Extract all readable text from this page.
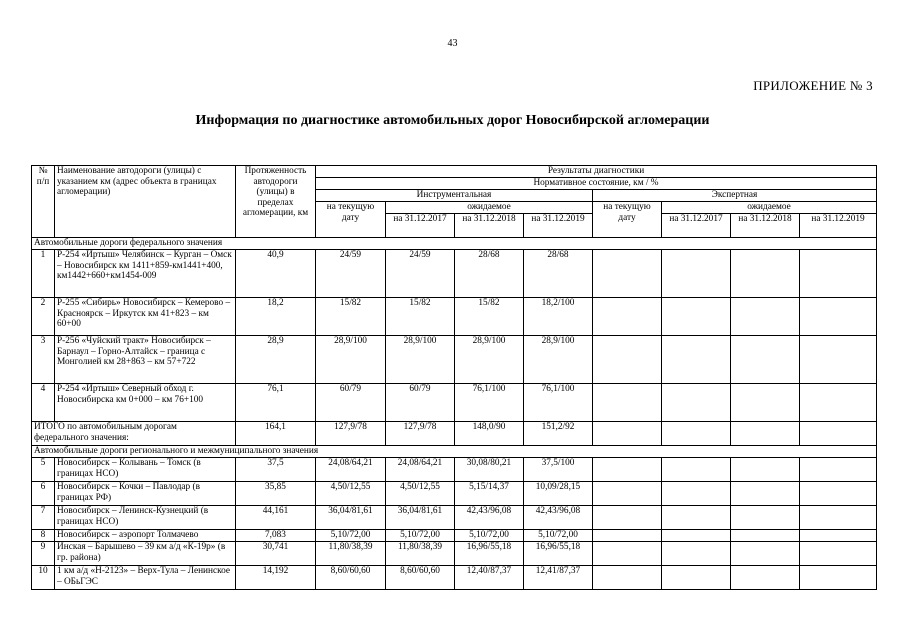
43
ПРИЛОЖЕНИЕ № 3
Информация по диагностике автомобильных дорог Новосибирской агломерации
№ п/п	Наименование автодороги (улицы) с указанием км (адрес объекта в границах агломерации)	Протяженность автодороги (улицы) в пределах агломерации, км	Результаты диагностики							
			Нормативное состояние, км / %							
			Инструментальная				Экспертная			
			на текущую дату	ожидаемое			на текущую дату	ожидаемое		
				на 31.12.2017	на 31.12.2018	на 31.12.2019		на 31.12.2017	на 31.12.2018	на 31.12.2019
Автомобильные дороги федерального значения										
1	Р-254 «Иртыш» Челябинск – Курган – Омск – Новосибирск км 1411+859-км1441+400, км1442+660+км1454-009	40,9	24/59	24/59	28/68	28/68				
2	Р-255 «Сибирь» Новосибирск – Кемерово – Красноярск – Иркутск км 41+823 – км 60+00	18,2	15/82	15/82	15/82	18,2/100				
3	Р-256 «Чуйский тракт» Новосибирск – Барнаул – Горно-Алтайск – граница с Монголией км 28+863 – км 57+722	28,9	28,9/100	28,9/100	28,9/100	28,9/100				
4	Р-254 «Иртыш» Северный обход г. Новосибирска км 0+000 – км 76+100	76,1	60/79	60/79	76,1/100	76,1/100				
ИТОГО по автомобильным дорогам федерального значения:		164,1	127,9/78	127,9/78	148,0/90	151,2/92				
Автомобильные дороги регионального и межмуниципального значения										
5	Новосибирск – Колывань – Томск (в границах НСО)	37,5	24,08/64,21	24,08/64,21	30,08/80,21	37,5/100				
6	Новосибирск – Кочки – Павлодар (в границах РФ)	35,85	4,50/12,55	4,50/12,55	5,15/14,37	10,09/28,15				
7	Новосибирск – Ленинск-Кузнецкий (в границах НСО)	44,161	36,04/81,61	36,04/81,61	42,43/96,08	42,43/96,08				
8	Новосибирск – аэропорт Толмачево	7,083	5,10/72,00	5,10/72,00	5,10/72,00	5,10/72,00				
9	Инская – Барышево – 39 км а/д «К-19р» (в гр. района)	30,741	11,80/38,39	11,80/38,39	16,96/55,18	16,96/55,18				
10	1 км а/д «Н-2123» – Верх-Тула – Ленинское – ОБьГЭС	14,192	8,60/60,60	8,60/60,60	12,40/87,37	12,41/87,37				
